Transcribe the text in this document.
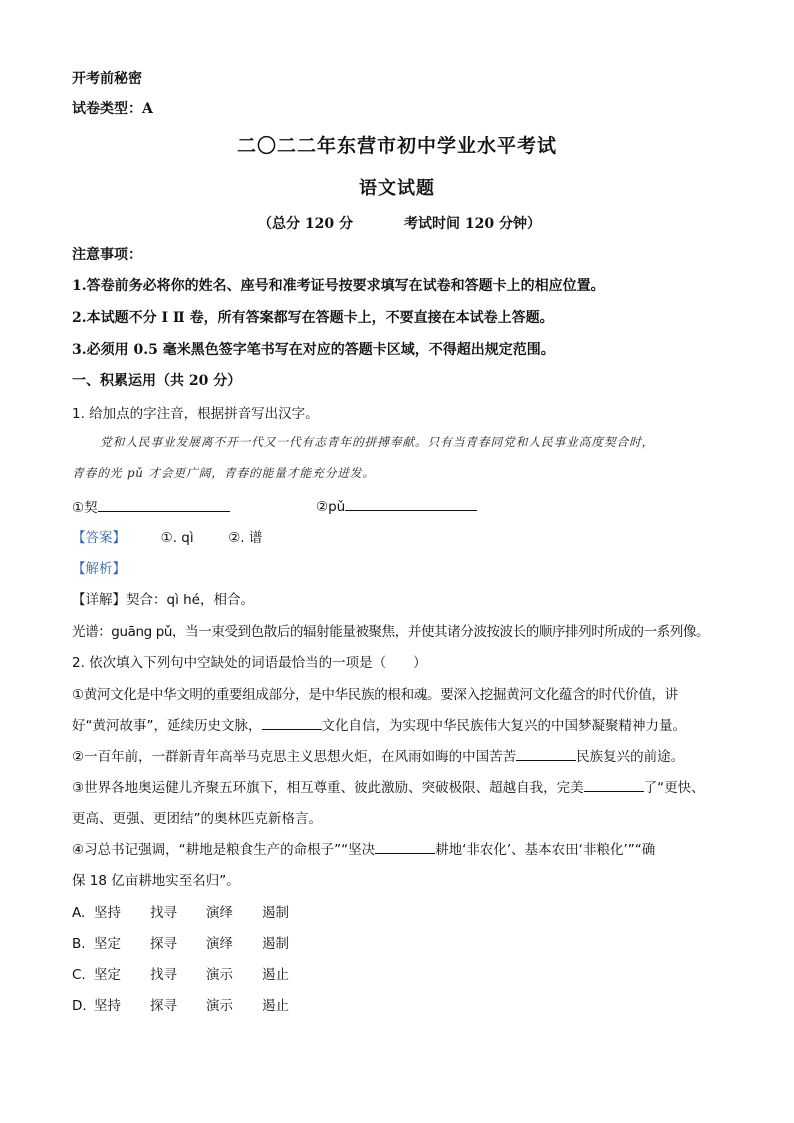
开考前秘密
试卷类型：A
二〇二二年东营市初中学业水平考试
语文试题
（总分 120 分	考试时间 120 分钟）
注意事项：
1.答卷前务必将你的姓名、座号和准考证号按要求填写在试卷和答题卡上的相应位置。
2.本试题不分 Ⅰ Ⅱ 卷，所有答案都写在答题卡上，不要直接在本试卷上答题。
3.必须用 0.5 毫米黑色签字笔书写在对应的答题卡区域，不得超出规定范围。
一、积累运用（共 20 分）
1. 给加点的字注音，根据拼音写出汉字。
党和人民事业发展离不开一代又一代有志青年的拼搏奉献。只有当青春同党和人民事业高度契合时，
青春的光 pǔ 才会更广阔，青春的能量才能充分迸发。
①契	②pǔ
【答案】	①. qì	②. 谱
【解析】
【详解】契合：qì hé，相合。
光谱：guāng pǔ，当一束受到色散后的辐射能量被聚焦，并使其诸分波按波长的顺序排列时所成的一系列像。
2. 依次填入下列句中空缺处的词语最恰当的一项是（　　）
①黄河文化是中华文明的重要组成部分，是中华民族的根和魂。要深入挖掘黄河文化蕴含的时代价值，讲
好“黄河故事”，延续历史文脉，	文化自信，为实现中华民族伟大复兴的中国梦凝聚精神力量。
②一百年前，一群新青年高举马克思主义思想火炬，在风雨如晦的中国苦苦	民族复兴的前途。
③世界各地奥运健儿齐聚五环旗下，相互尊重、彼此激励、突破极限、超越自我，完美	了“更快、
更高、更强、更团结”的奥林匹克新格言。
④习总书记强调，“耕地是粮食生产的命根子”“坚决	耕地‘非农化’、基本农田‘非粮化’”“确
保 18 亿亩耕地实至名归”。
A. 坚持 找寻 演绎 遏制
B. 坚定 探寻 演绎 遏制
C. 坚定 找寻 演示 遏止
D. 坚持 探寻 演示 遏止
